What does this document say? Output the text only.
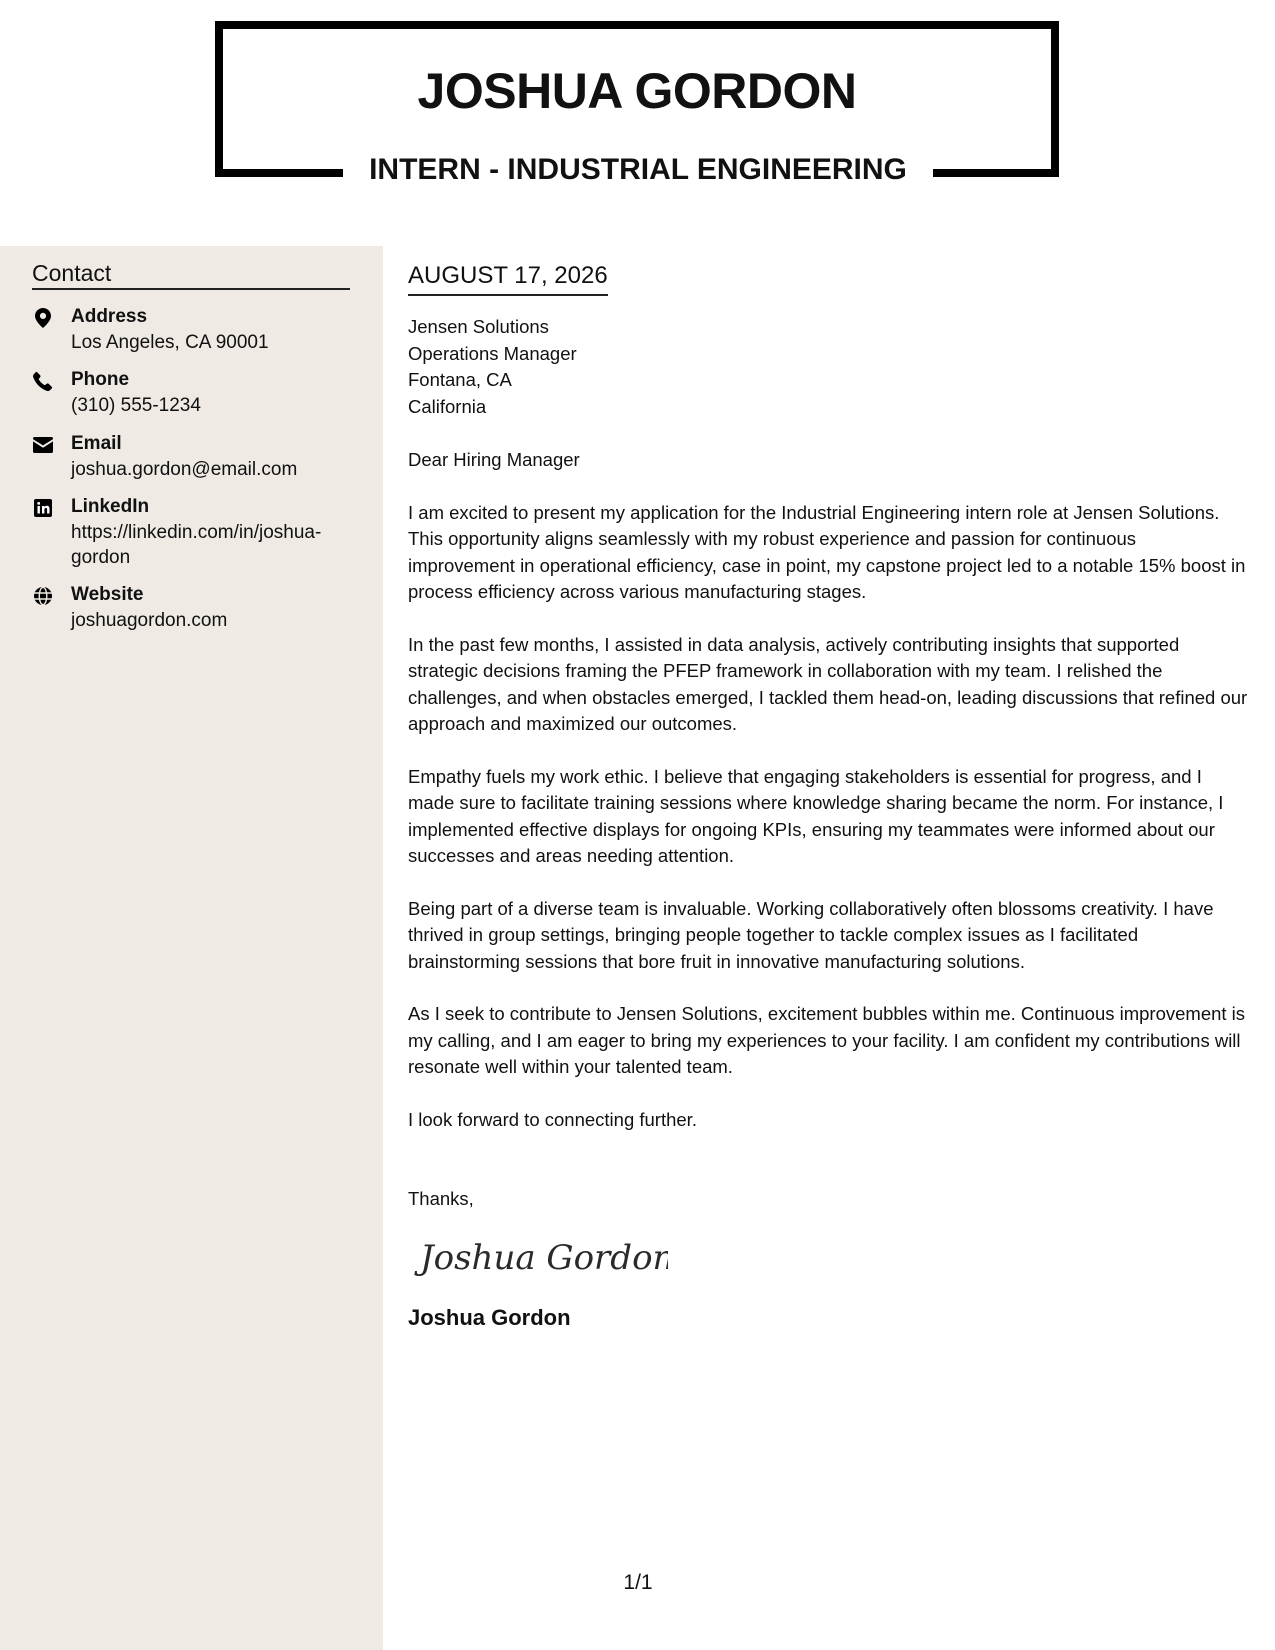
JOSHUA GORDON
INTERN - INDUSTRIAL ENGINEERING
Contact
Address
Los Angeles, CA 90001
Phone
(310) 555-1234
Email
joshua.gordon@email.com
LinkedIn
https://linkedin.com/in/joshua-gordon
Website
joshuagordon.com
AUGUST 17, 2026
Jensen Solutions
Operations Manager
Fontana, CA
California
Dear Hiring Manager

I am excited to present my application for the Industrial Engineering intern role at Jensen Solutions. This opportunity aligns seamlessly with my robust experience and passion for continuous improvement in operational efficiency, case in point, my capstone project led to a notable 15% boost in process efficiency across various manufacturing stages.

In the past few months, I assisted in data analysis, actively contributing insights that supported strategic decisions framing the PFEP framework in collaboration with my team. I relished the challenges, and when obstacles emerged, I tackled them head-on, leading discussions that refined our approach and maximized our outcomes.

Empathy fuels my work ethic. I believe that engaging stakeholders is essential for progress, and I made sure to facilitate training sessions where knowledge sharing became the norm. For instance, I implemented effective displays for ongoing KPIs, ensuring my teammates were informed about our successes and areas needing attention.

Being part of a diverse team is invaluable. Working collaboratively often blossoms creativity. I have thrived in group settings, bringing people together to tackle complex issues as I facilitated brainstorming sessions that bore fruit in innovative manufacturing solutions.

As I seek to contribute to Jensen Solutions, excitement bubbles within me. Continuous improvement is my calling, and I am eager to bring my experiences to your facility. I am confident my contributions will resonate well within your talented team.

I look forward to connecting further.

Thanks,
Joshua Gordon
Joshua Gordon
1/1
